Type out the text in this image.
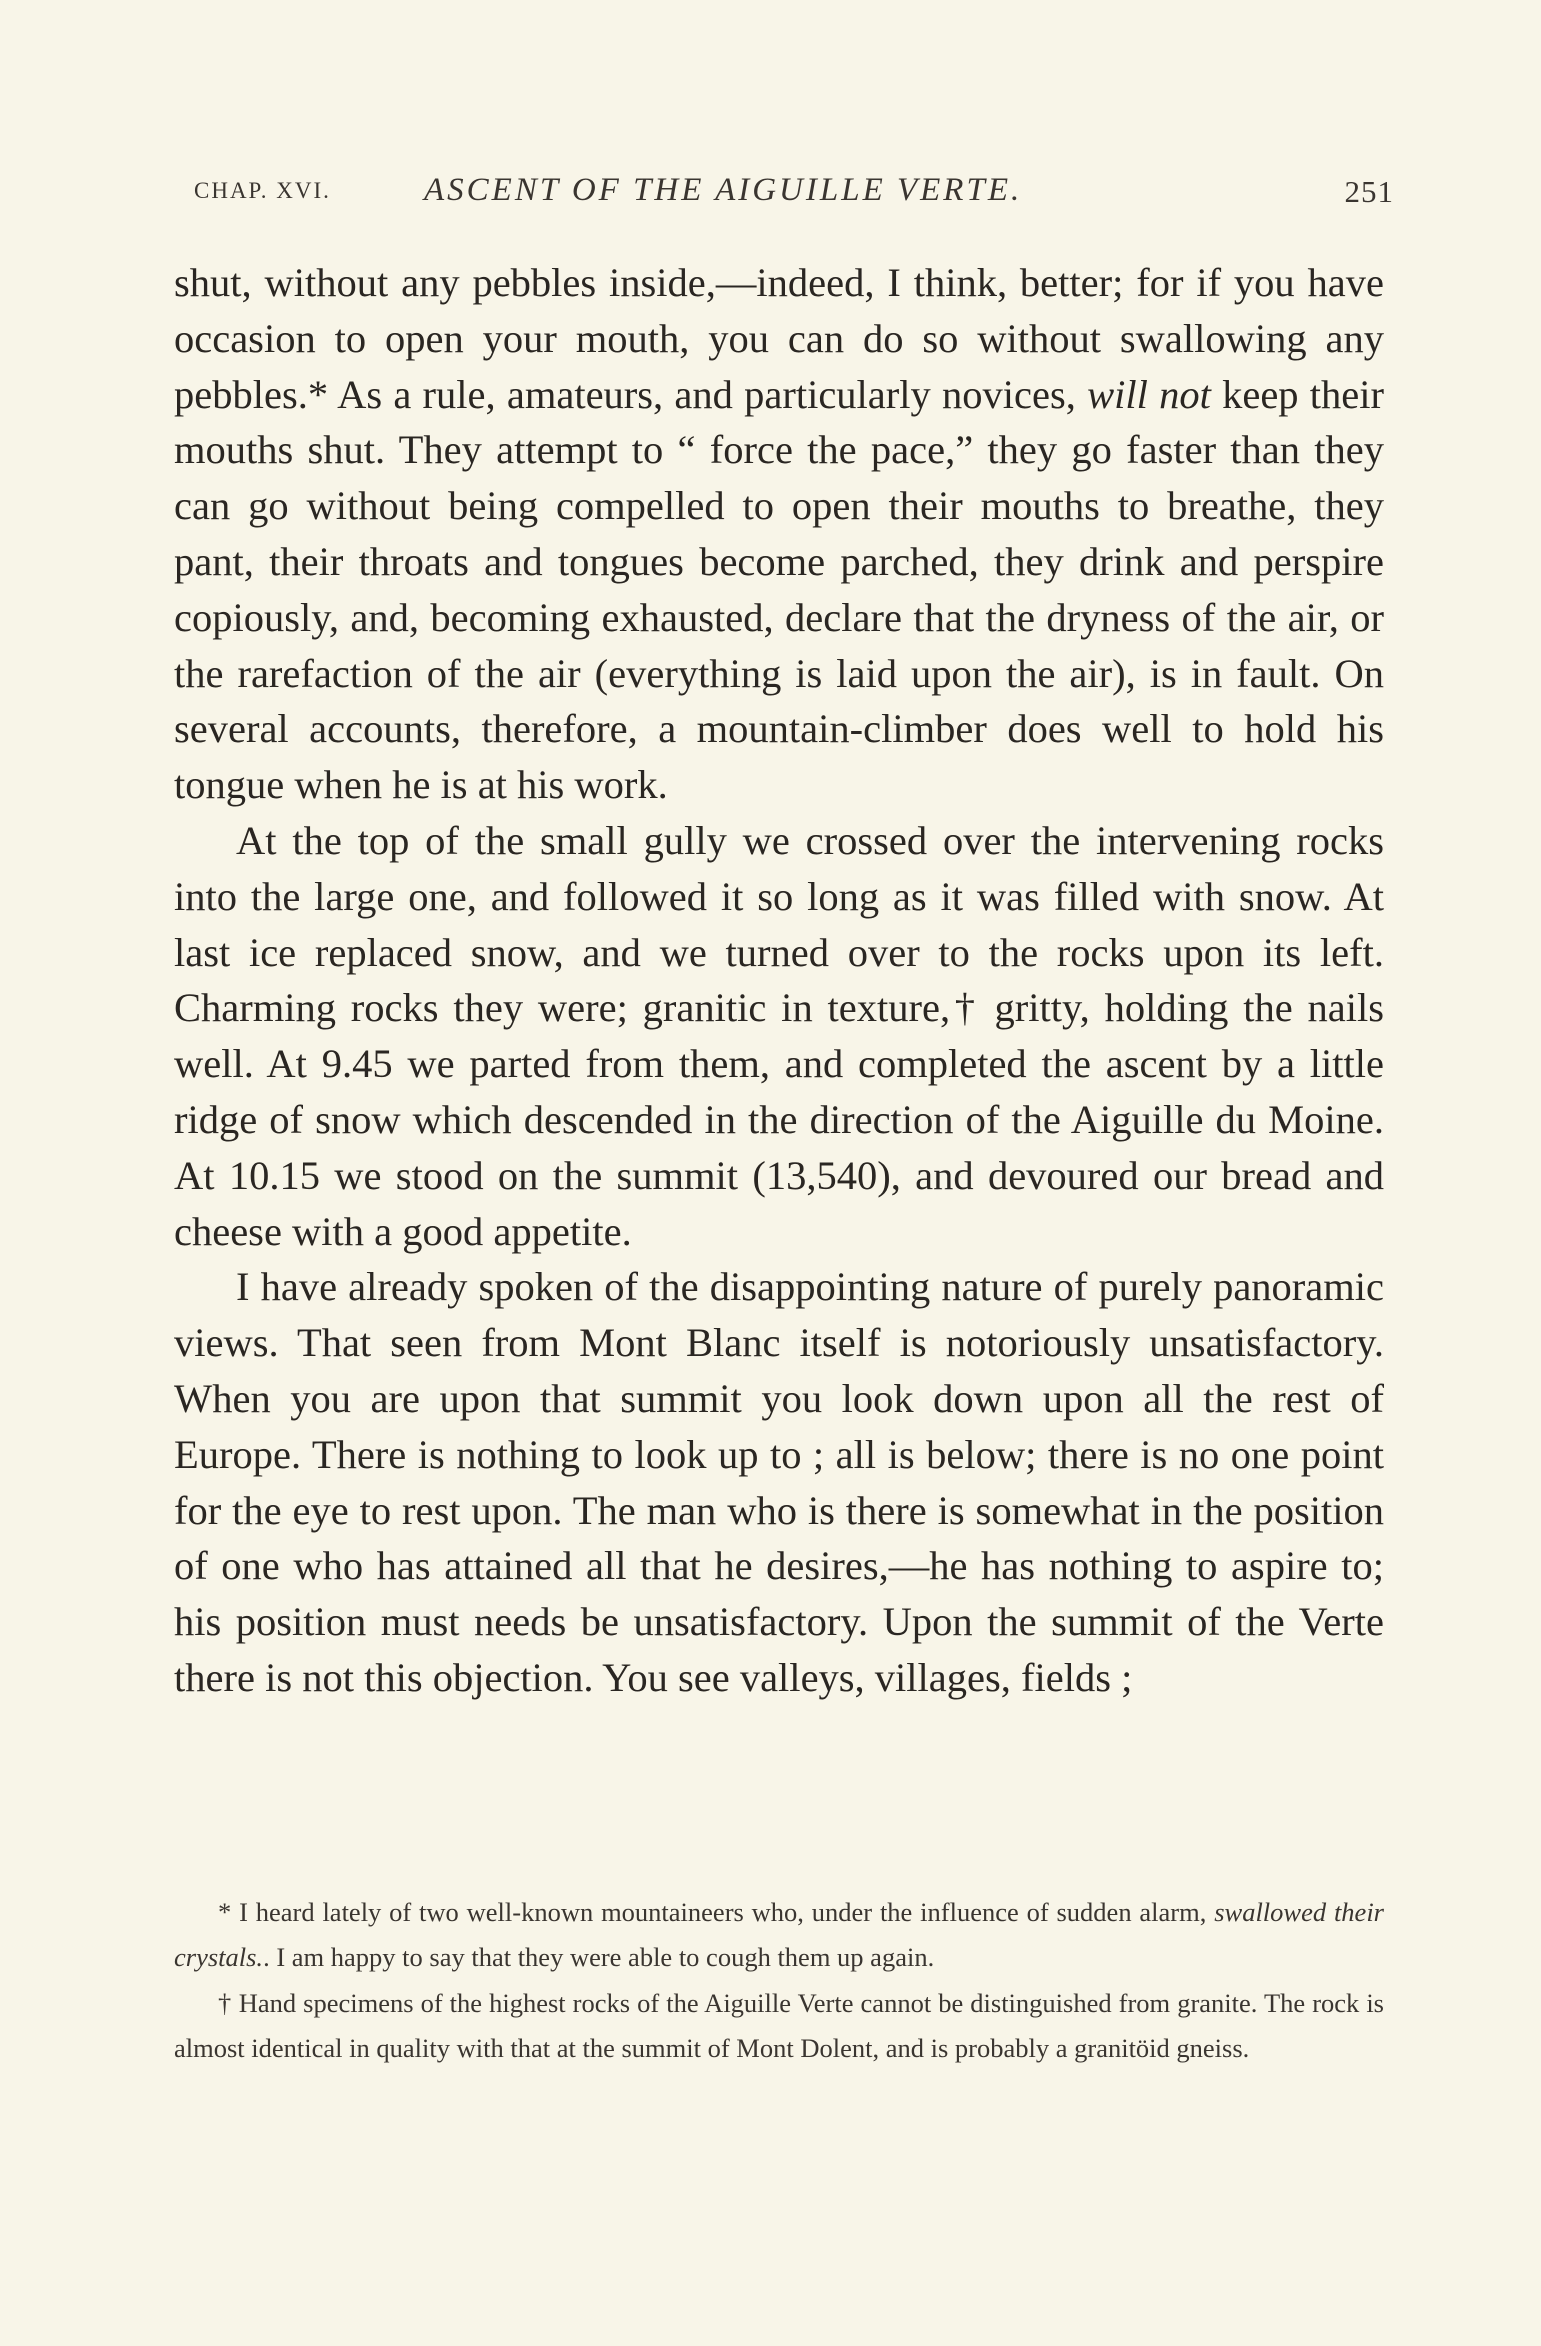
CHAP. XVI.	ASCENT OF THE AIGUILLE VERTE.	251

shut, without any pebbles inside,—indeed, I think, better; for if you have occasion to open your mouth, you can do so without swallowing any pebbles.* As a rule, amateurs, and particularly novices, will not keep their mouths shut. They attempt to “ force the pace,” they go faster than they can go without being compelled to open their mouths to breathe, they pant, their throats and tongues become parched, they drink and perspire copiously, and, becoming exhausted, declare that the dryness of the air, or the rarefaction of the air (everything is laid upon the air), is in fault. On several accounts, therefore, a mountain-climber does well to hold his tongue when he is at his work.

At the top of the small gully we crossed over the intervening rocks into the large one, and followed it so long as it was filled with snow. At last ice replaced snow, and we turned over to the rocks upon its left. Charming rocks they were; granitic in texture,† gritty, holding the nails well. At 9.45 we parted from them, and completed the ascent by a little ridge of snow which descended in the direction of the Aiguille du Moine. At 10.15 we stood on the summit (13,540), and devoured our bread and cheese with a good appetite.

I have already spoken of the disappointing nature of purely panoramic views. That seen from Mont Blanc itself is notoriously unsatisfactory. When you are upon that summit you look down upon all the rest of Europe. There is nothing to look up to ; all is below; there is no one point for the eye to rest upon. The man who is there is somewhat in the position of one who has attained all that he desires,—he has nothing to aspire to; his position must needs be unsatisfactory. Upon the summit of the Verte there is not this objection. You see valleys, villages, fields ;

* I heard lately of two well-known mountaineers who, under the influence of sudden alarm, swallowed their crystals.. I am happy to say that they were able to cough them up again.

† Hand specimens of the highest rocks of the Aiguille Verte cannot be distinguished from granite. The rock is almost identical in quality with that at the summit of Mont Dolent, and is probably a granitöid gneiss.
